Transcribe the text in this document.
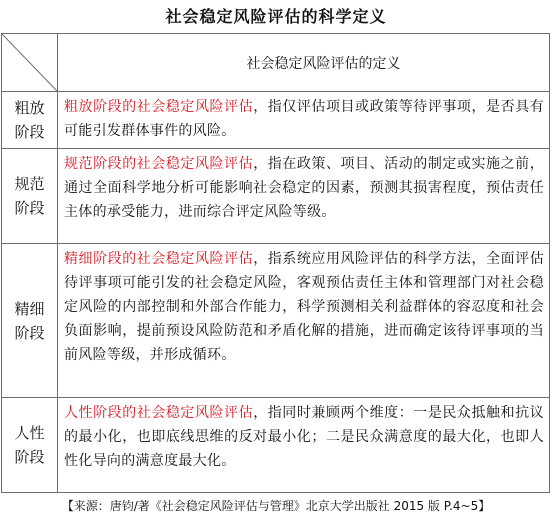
社会稳定风险评估的科学定义
	社会稳定风险评估的定义

粗放
阶段	粗放阶段的社会稳定风险评估，指仅评估项目或政策等待评事项，是否具有可能引发群体事件的风险。

规范
阶段	规范阶段的社会稳定风险评估，指在政策、项目、活动的制定或实施之前，通过全面科学地分析可能影响社会稳定的因素，预测其损害程度，预估责任主体的承受能力，进而综合评定风险等级。

精细
阶段	精细阶段的社会稳定风险评估，指系统应用风险评估的科学方法，全面评估待评事项可能引发的社会稳定风险，客观预估责任主体和管理部门对社会稳定风险的内部控制和外部合作能力，科学预测相关利益群体的容忍度和社会负面影响，提前预设风险防范和矛盾化解的措施，进而确定该待评事项的当前风险等级，并形成循环。

人性
阶段	人性阶段的社会稳定风险评估，指同时兼顾两个维度：一是民众抵触和抗议的最小化，也即底线思维的反对最小化；二是民众满意度的最大化，也即人性化导向的满意度最大化。
【来源：唐钧/著《社会稳定风险评估与管理》北京大学出版社 2015 版 P.4~5】
